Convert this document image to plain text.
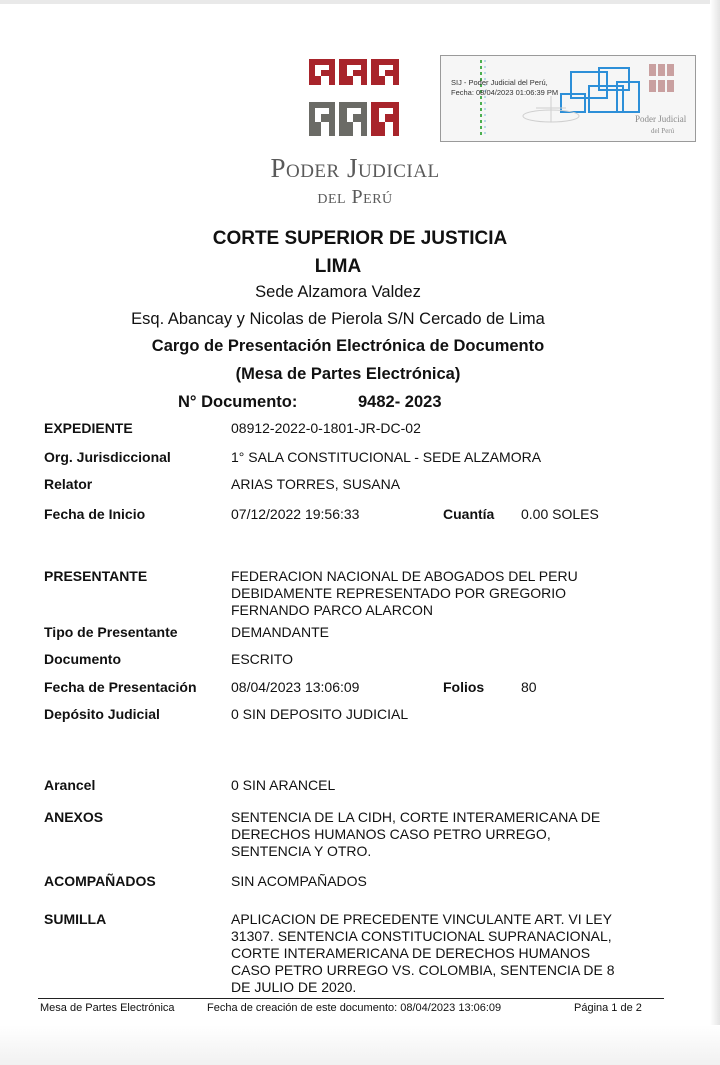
Poder Judicial
del Perú
Poder Judicial
del Perú
SIJ - Poder Judicial del Perú,
Fecha: 08/04/2023 01:06:39 PM
CORTE SUPERIOR DE JUSTICIA
LIMA
Sede Alzamora Valdez
Esq. Abancay y Nicolas de Pierola S/N Cercado de Lima
Cargo de Presentación Electrónica de Documento
(Mesa de Partes Electrónica)
N° Documento:	9482- 2023
EXPEDIENTE	08912-2022-0-1801-JR-DC-02
Org. Jurisdiccional	1° SALA CONSTITUCIONAL - SEDE ALZAMORA
Relator	ARIAS TORRES, SUSANA
Fecha de Inicio	07/12/2022 19:56:33	Cuantía 0.00 SOLES
PRESENTANTE	FEDERACION NACIONAL DE ABOGADOS DEL PERU
DEBIDAMENTE REPRESENTADO POR GREGORIO
FERNANDO PARCO ALARCON
Tipo de Presentante	DEMANDANTE
Documento	ESCRITO
Fecha de Presentación 08/04/2023 13:06:09	Folios	80
Depósito Judicial	0 SIN DEPOSITO JUDICIAL
Arancel	0 SIN ARANCEL
ANEXOS	SENTENCIA DE LA CIDH, CORTE INTERAMERICANA DE
DERECHOS HUMANOS CASO PETRO URREGO,
SENTENCIA Y OTRO.
ACOMPAÑADOS	SIN ACOMPAÑADOS
SUMILLA	APLICACION DE PRECEDENTE VINCULANTE ART. VI LEY
31307. SENTENCIA CONSTITUCIONAL SUPRANACIONAL,
CORTE INTERAMERICANA DE DERECHOS HUMANOS
CASO PETRO URREGO VS. COLOMBIA, SENTENCIA DE 8
DE JULIO DE 2020.
Mesa de Partes Electrónica	Fecha de creación de este documento: 08/04/2023 13:06:09	Página 1 de 2
